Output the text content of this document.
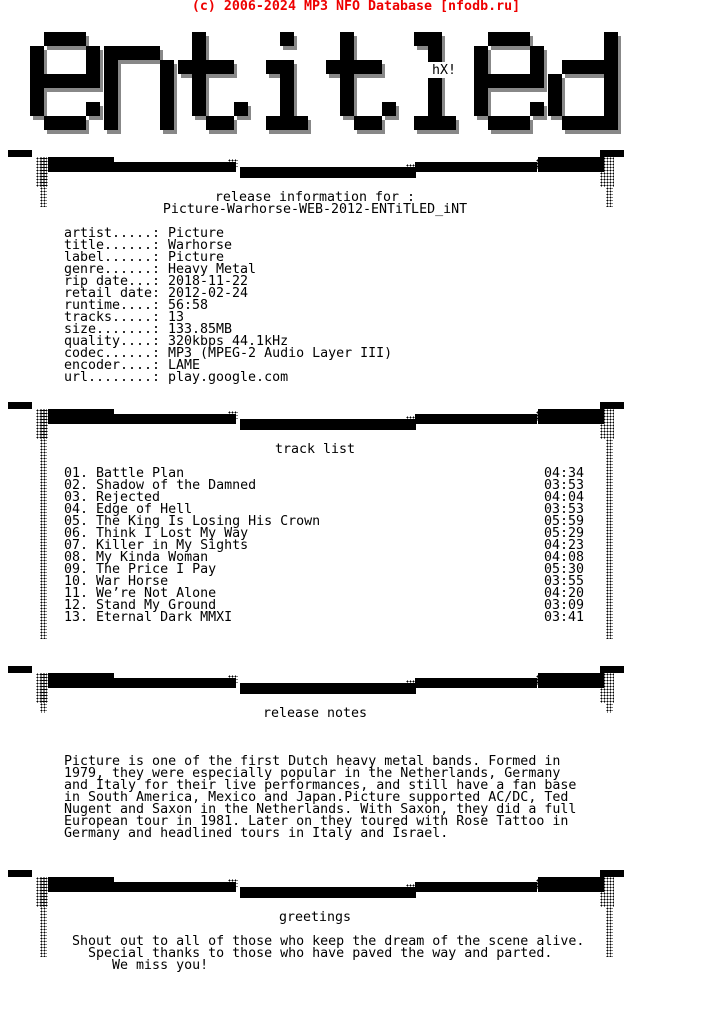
(c) 2006-2024 MP3 NFO Database [nfodb.ru]
hX!
release information for :
Picture-Warhorse-WEB-2012-ENTiTLED_iNT
artist.....: Picture
title......: Warhorse
label......: Picture
genre......: Heavy Metal
rip date...: 2018-11-22
retail date: 2012-02-24
runtime....: 56:58
tracks.....: 13
size.......: 133.85MB
quality....: 320kbps 44.1kHz
codec......: MP3 (MPEG-2 Audio Layer III)
encoder....: LAME
url........: play.google.com
track list
01. Battle Plan	04:34
02. Shadow of the Damned	03:53
03. Rejected	04:04
04. Edge of Hell	03:53
05. The King Is Losing His Crown	05:59
06. Think I Lost My Way	05:29
07. Killer in My Sights	04:23
08. My Kinda Woman	04:08
09. The Price I Pay	05:30
10. War Horse	03:55
11. We’re Not Alone	04:20
12. Stand My Ground	03:09
13. Eternal Dark MMXI	03:41
release notes
Picture is one of the first Dutch heavy metal bands. Formed in
1979, they were especially popular in the Netherlands, Germany
and Italy for their live performances, and still have a fan base
in South America, Mexico and Japan.Picture supported AC/DC, Ted
Nugent and Saxon in the Netherlands. With Saxon, they did a full
European tour in 1981. Later on they toured with Rose Tattoo in
Germany and headlined tours in Italy and Israel.
greetings
Shout out to all of those who keep the dream of the scene alive.
Special thanks to those who have paved the way and parted.
We miss you!
